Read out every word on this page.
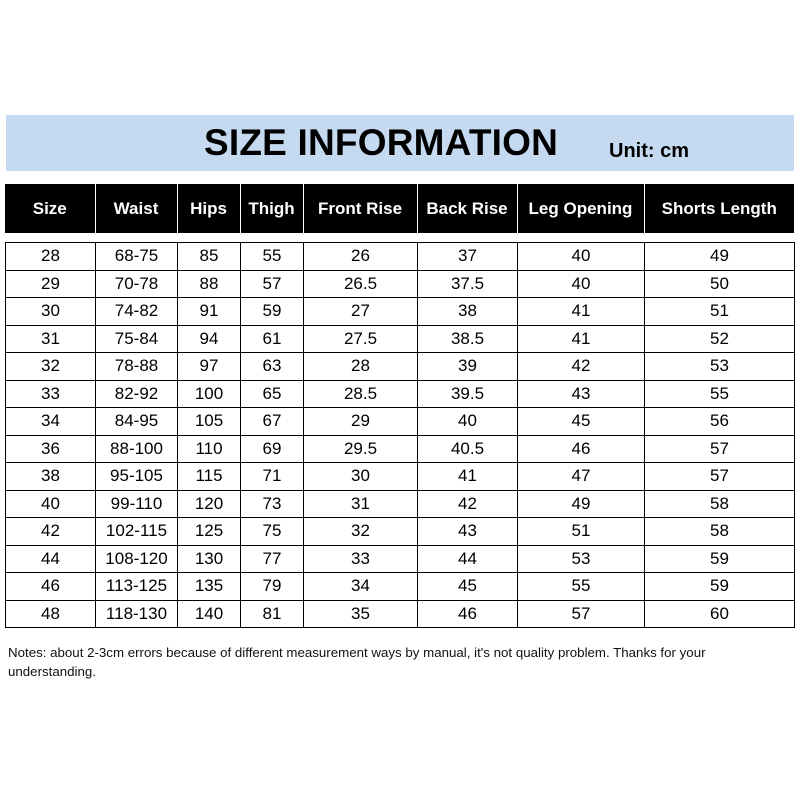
SIZE INFORMATION	Unit: cm
Size	Waist	Hips	Thigh	Front Rise	Back Rise	Leg Opening	Shorts Length
28	68-75	85	55	26	37	40	49
29	70-78	88	57	26.5	37.5	40	50
30	74-82	91	59	27	38	41	51
31	75-84	94	61	27.5	38.5	41	52
32	78-88	97	63	28	39	42	53
33	82-92	100	65	28.5	39.5	43	55
34	84-95	105	67	29	40	45	56
36	88-100	110	69	29.5	40.5	46	57
38	95-105	115	71	30	41	47	57
40	99-110	120	73	31	42	49	58
42	102-115	125	75	32	43	51	58
44	108-120	130	77	33	44	53	59
46	113-125	135	79	34	45	55	59
48	118-130	140	81	35	46	57	60
Notes: about 2-3cm errors because of different measurement ways by manual, it's not quality problem. Thanks for your understanding.
